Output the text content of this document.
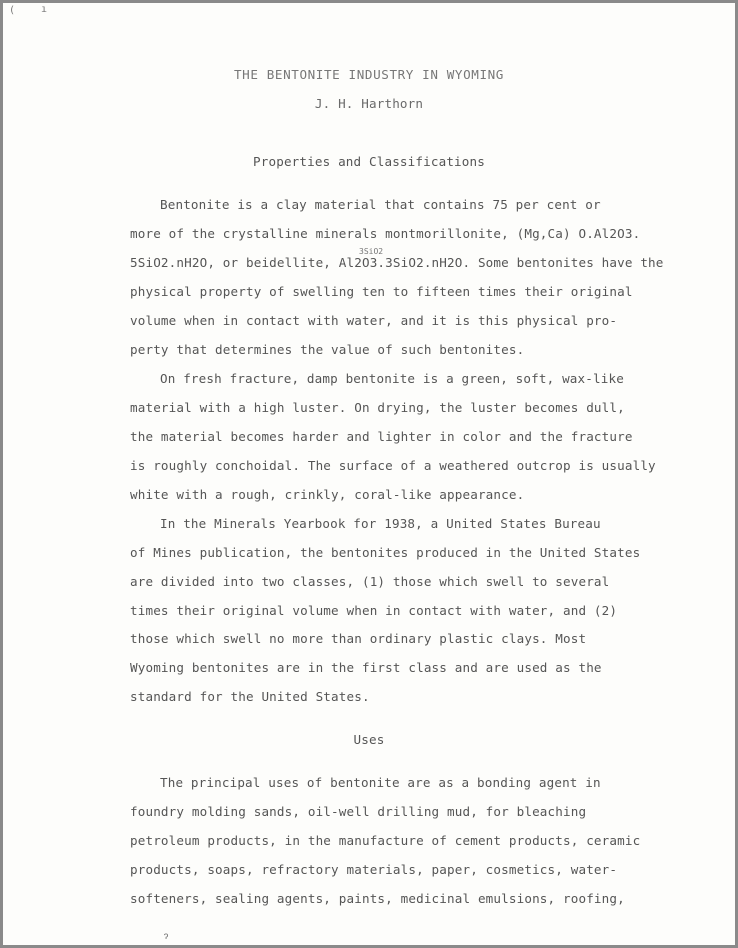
(	ı
THE BENTONITE INDUSTRY IN WYOMING
J. H. Harthorn
Properties and Classifications
Bentonite is a clay material that contains 75 per cent or
more of the crystalline minerals montmorillonite, (Mg,Ca) O.Al2O3.
3SiO2
5SiO2.nH2O, or beidellite, Al2O3.3SiO2.nH2O. Some bentonites have the
physical property of swelling ten to fifteen times their original
volume when in contact with water, and it is this physical pro-
perty that determines the value of such bentonites.
On fresh fracture, damp bentonite is a green, soft, wax-like
material with a high luster. On drying, the luster becomes dull,
the material becomes harder and lighter in color and the fracture
is roughly conchoidal. The surface of a weathered outcrop is usually
white with a rough, crinkly, coral-like appearance.
In the Minerals Yearbook for 1938, a United States Bureau
of Mines publication, the bentonites produced in the United States
are divided into two classes, (1) those which swell to several
times their original volume when in contact with water, and (2)
those which swell no more than ordinary plastic clays. Most
Wyoming bentonites are in the first class and are used as the
standard for the United States.
Uses
The principal uses of bentonite are as a bonding agent in
foundry molding sands, oil-well drilling mud, for bleaching
petroleum products, in the manufacture of cement products, ceramic
products, soaps, refractory materials, paper, cosmetics, water-
softeners, sealing agents, paints, medicinal emulsions, roofing,
ɂ
